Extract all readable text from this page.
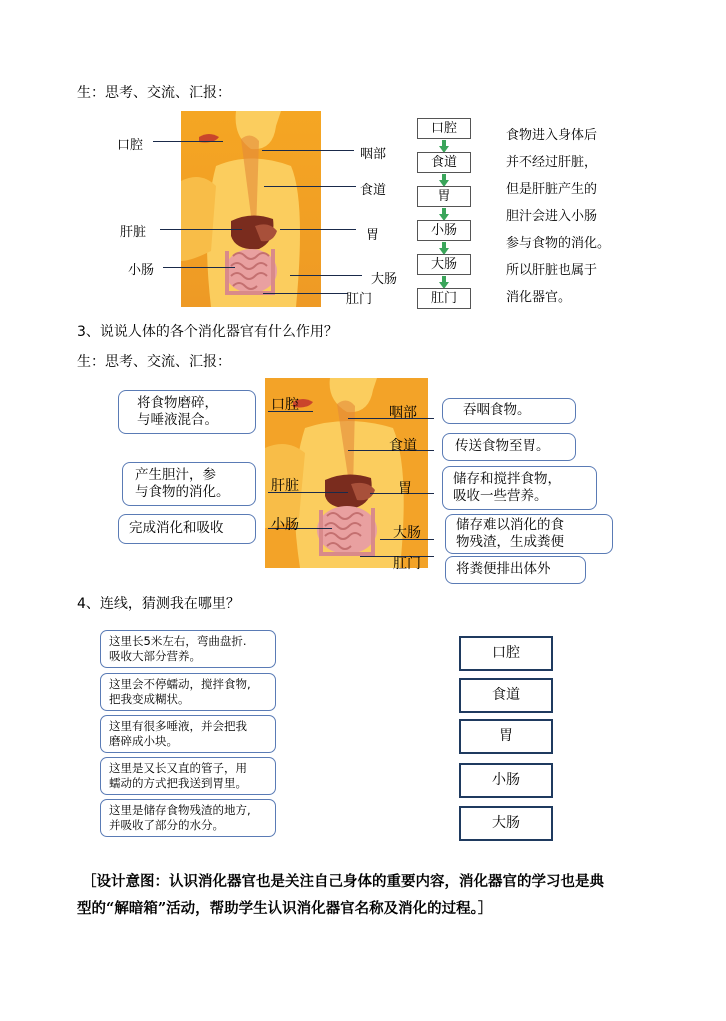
生：思考、交流、汇报：
口腔
咽部
食道
肝脏	胃
小肠
大肠
肛门
口腔
食道
胃
小肠
大肠
肛门
食物进入身体后
并不经过肝脏，
但是肝脏产生的
胆汁会进入小肠
参与食物的消化。
所以肝脏也属于
消化器官。
3、说说人体的各个消化器官有什么作用？
生：思考、交流、汇报：
口腔	咽部
食道
肝脏	胃
小肠	大肠
肛门
将食物磨碎，
与唾液混合。
产生胆汁，参
与食物的消化。
完成消化和吸收
吞咽食物。
传送食物至胃。
储存和搅拌食物，
吸收一些营养。
储存难以消化的食
物残渣，生成粪便
将粪便排出体外
4、连线，猜测我在哪里？
这里长5米左右，弯曲盘折.
吸收大部分营养。
这里会不停蠕动，搅拌食物,
把我变成糊状。
这里有很多唾液，并会把我
磨碎成小块。
这里是又长又直的管子，用
蠕动的方式把我送到胃里。
这里是储存食物残渣的地方,
并吸收了部分的水分。
口腔
食道
胃
小肠
大肠
［设计意图：认识消化器官也是关注自己身体的重要内容，消化器官的学习也是典
型的“解暗箱”活动，帮助学生认识消化器官名称及消化的过程。］
